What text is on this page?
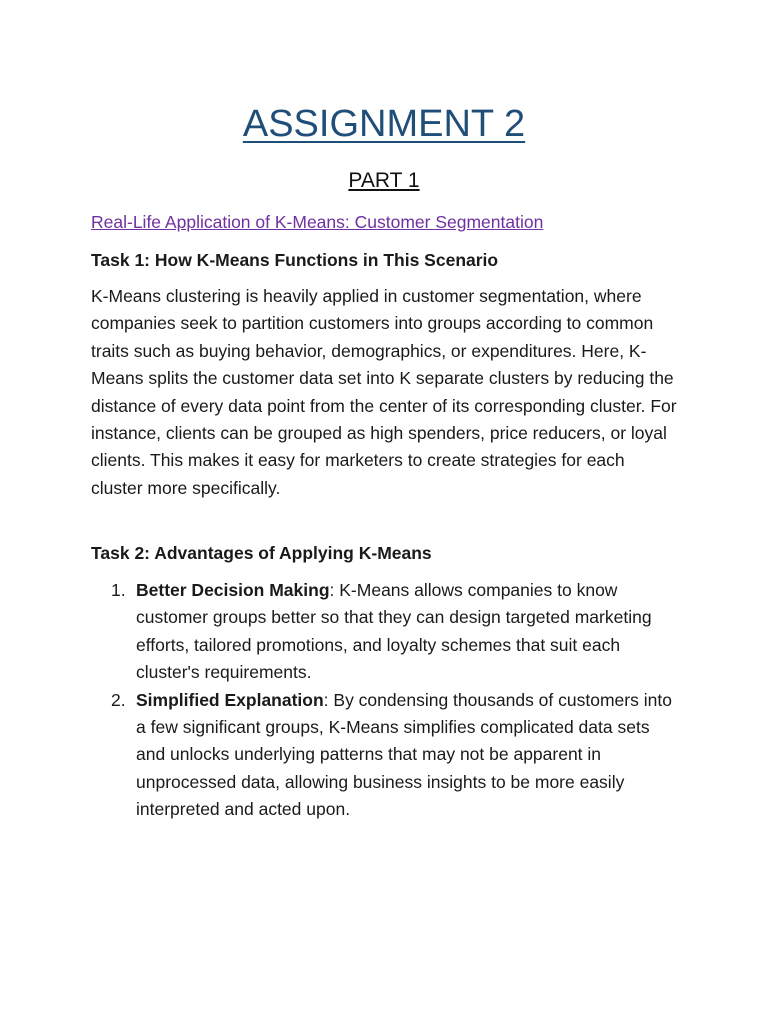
ASSIGNMENT 2
PART 1
Real-Life Application of K-Means: Customer Segmentation
Task 1: How K-Means Functions in This Scenario

K-Means clustering is heavily applied in customer segmentation, where companies seek to partition customers into groups according to common traits such as buying behavior, demographics, or expenditures. Here, K-Means splits the customer data set into K separate clusters by reducing the distance of every data point from the center of its corresponding cluster. For instance, clients can be grouped as high spenders, price reducers, or loyal clients. This makes it easy for marketers to create strategies for each cluster more specifically.

Task 2: Advantages of Applying K-Means
1. Better Decision Making: K-Means allows companies to know customer groups better so that they can design targeted marketing efforts, tailored promotions, and loyalty schemes that suit each cluster's requirements.
2. Simplified Explanation: By condensing thousands of customers into a few significant groups, K-Means simplifies complicated data sets and unlocks underlying patterns that may not be apparent in unprocessed data, allowing business insights to be more easily interpreted and acted upon.
